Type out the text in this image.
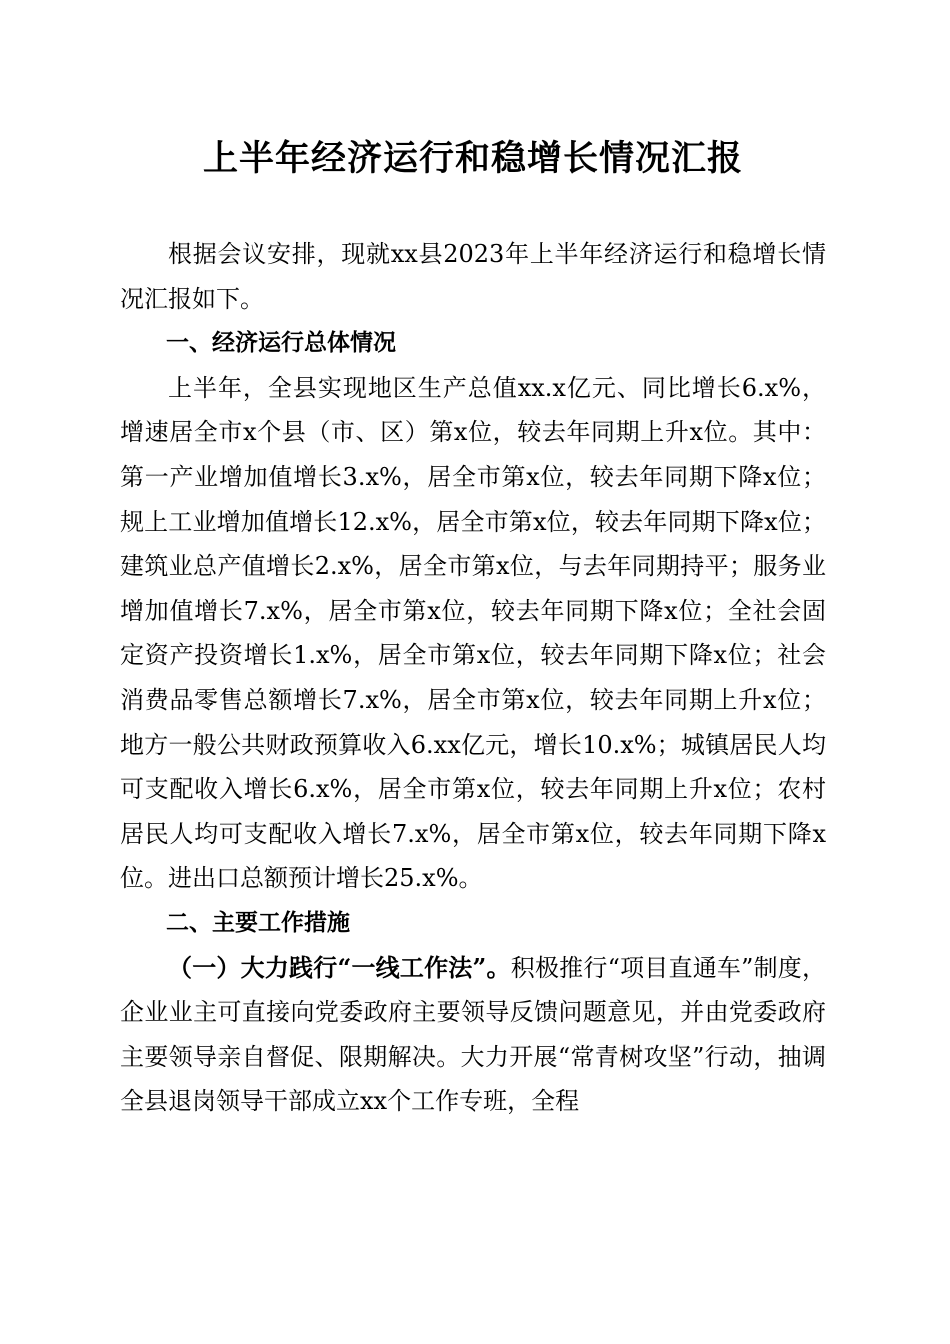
上半年经济运行和稳增长情况汇报

根据会议安排，现就xx县2023年上半年经济运行和稳增长情况汇报如下。

一、经济运行总体情况

上半年，全县实现地区生产总值xx.x亿元、同比增长6.x%，增速居全市x个县（市、区）第x位，较去年同期上升x位。其中：第一产业增加值增长3.x%，居全市第x位，较去年同期下降x位；规上工业增加值增长12.x%，居全市第x位，较去年同期下降x位；建筑业总产值增长2.x%，居全市第x位，与去年同期持平；服务业增加值增长7.x%，居全市第x位，较去年同期下降x位；全社会固定资产投资增长1.x%，居全市第x位，较去年同期下降x位；社会消费品零售总额增长7.x%，居全市第x位，较去年同期上升x位；地方一般公共财政预算收入6.xx亿元，增长10.x%；城镇居民人均可支配收入增长6.x%，居全市第x位，较去年同期上升x位；农村居民人均可支配收入增长7.x%，居全市第x位，较去年同期下降x位。进出口总额预计增长25.x%。

二、主要工作措施

（一）大力践行“一线工作法”。积极推行“项目直通车”制度，企业业主可直接向党委政府主要领导反馈问题意见，并由党委政府主要领导亲自督促、限期解决。大力开展“常青树攻坚”行动，抽调全县退岗领导干部成立xx个工作专班，全程
